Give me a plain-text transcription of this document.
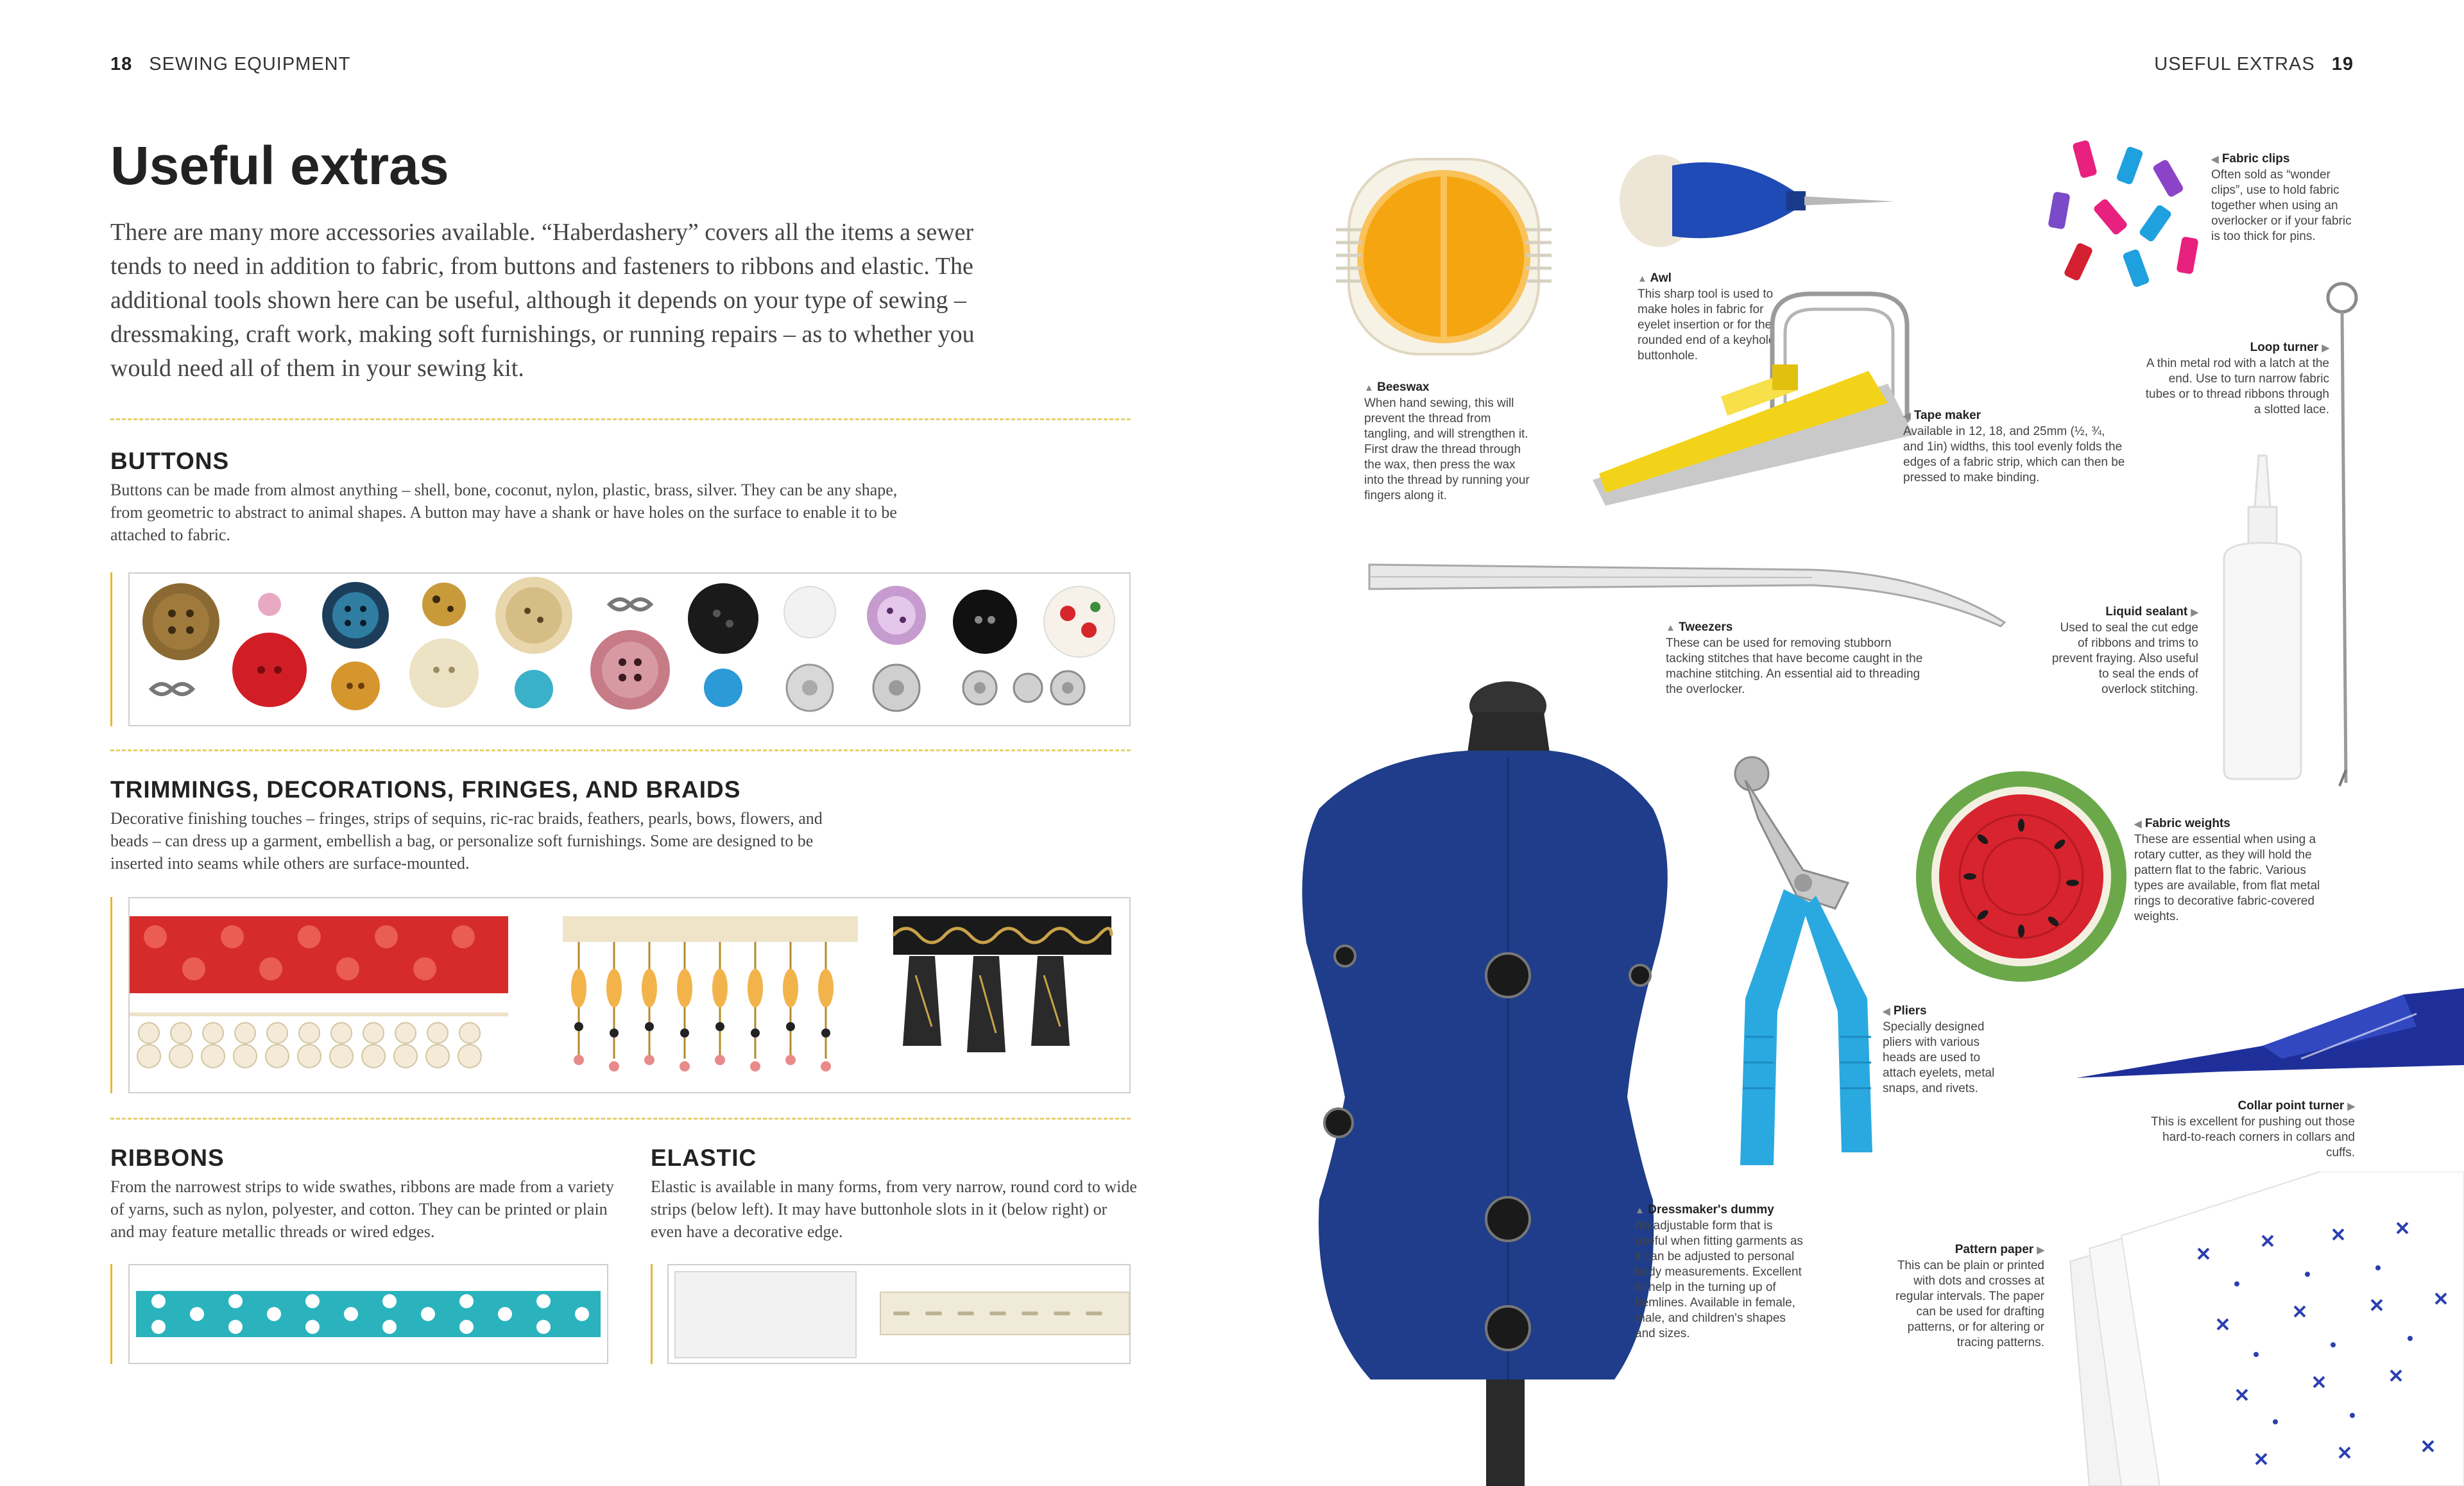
18 SEWING EQUIPMENT
Useful extras
There are many more accessories available. “Haberdashery” covers all the items a sewer tends to need in addition to fabric, from buttons and fasteners to ribbons and elastic. The additional tools shown here can be useful, although it depends on your type of sewing – dressmaking, craft work, making soft furnishings, or running repairs – as to whether you would need all of them in your sewing kit.
BUTTONS
Buttons can be made from almost anything – shell, bone, coconut, nylon, plastic, brass, silver. They can be any shape, from geometric to abstract to animal shapes. A button may have a shank or have holes on the surface to enable it to be attached to fabric.
TRIMMINGS, DECORATIONS, FRINGES, AND BRAIDS
Decorative finishing touches – fringes, strips of sequins, ric-rac braids, feathers, pearls, bows, flowers, and beads – can dress up a garment, embellish a bag, or personalize soft furnishings. Some are designed to be inserted into seams while others are surface-mounted.
RIBBONS
From the narrowest strips to wide swathes, ribbons are made from a variety of yarns, such as nylon, polyester, and cotton. They can be printed or plain and may feature metallic threads or wired edges.
ELASTIC
Elastic is available in many forms, from very narrow, round cord to wide strips (below left). It may have buttonhole slots in it (below right) or even have a decorative edge.
USEFUL EXTRAS 19
▲ Beeswax
When hand sewing, this will prevent the thread from tangling, and will strengthen it. First draw the thread through the wax, then press the wax into the thread by running your fingers along it.
▲ Awl
This sharp tool is used to make holes in fabric for eyelet insertion or for the rounded end of a keyhole buttonhole.
◀ Fabric clips
Often sold as “wonder clips”, use to hold fabric together when using an overlocker or if your fabric is too thick for pins.
Loop turner ▶
A thin metal rod with a latch at the end. Use to turn narrow fabric tubes or to thread ribbons through a slotted lace.
◀ Tape maker
Available in 12, 18, and 25mm (½, ¾, and 1in) widths, this tool evenly folds the edges of a fabric strip, which can then be pressed to make binding.
▲ Tweezers
These can be used for removing stubborn tacking stitches that have become caught in the machine stitching. An essential aid to threading the overlocker.
Liquid sealant ▶
Used to seal the cut edge of ribbons and trims to prevent fraying. Also useful to seal the ends of overlock stitching.
◀ Fabric weights
These are essential when using a rotary cutter, as they will hold the pattern flat to the fabric. Various types are available, from flat metal rings to decorative fabric-covered weights.
◀ Pliers
Specially designed pliers with various heads are used to attach eyelets, metal snaps, and rivets.
Collar point turner ▶
This is excellent for pushing out those hard-to-reach corners in collars and cuffs.
▲ Dressmaker's dummy
An adjustable form that is useful when fitting garments as it can be adjusted to personal body measurements. Excellent to help in the turning up of hemlines. Available in female, male, and children's shapes and sizes.
Pattern paper ▶
This can be plain or printed with dots and crosses at regular intervals. The paper can be used for drafting patterns, or for altering or tracing patterns.
